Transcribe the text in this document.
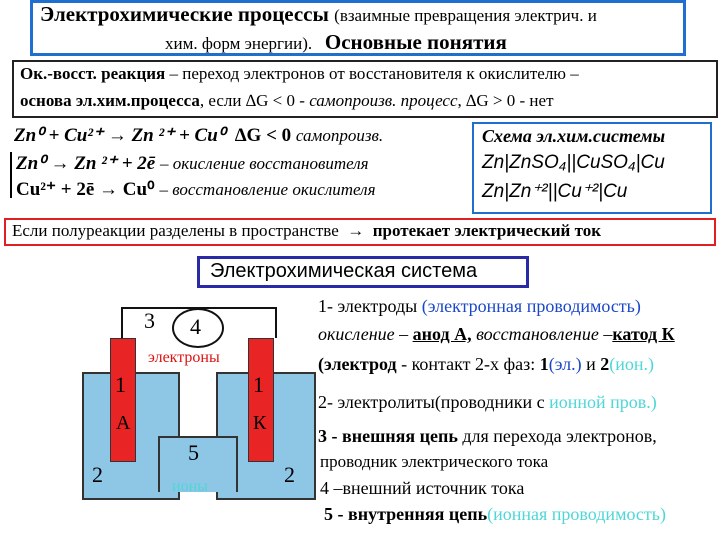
Электрохимические процессы (взаимные превращения электрич. и
хим. форм энергии). Основные понятия
Ок.-восст. реакция – переход электронов от восстановителя к окислителю –
основа эл.хим.процесса, если ∆G < 0 - самопроизв. процесс, ∆G > 0 - нет
Zn⁰ + Cu²⁺ → Zn ²⁺ + Cu⁰ ∆G < 0 самопроизв.
Zn⁰ → Zn ²⁺ + 2ē – окисление восстановителя
Cu²⁺ + 2ē → Cu⁰ – восстановление окислителя
Схема эл.хим.системы
Zn|ZnSO₄||CuSO₄|Cu
Zn|Zn⁺²||Cu⁺²|Cu
Если полуреакции разделены в пространстве → протекает электрический ток
Электрохимическая система
3 4
электроны
1	1
А	К
5
ионы
2	2
1- электроды (электронная проводимость)
окисление – анод А, восстановление –катод К
(электрод - контакт 2-х фаз: 1(эл.) и 2(ион.)
2- электролиты(проводники с ионной пров.)
3 - внешняя цепь для перехода электронов,
проводник электрического тока
4 –внешний источник тока
5 - внутренняя цепь(ионная проводимость)
